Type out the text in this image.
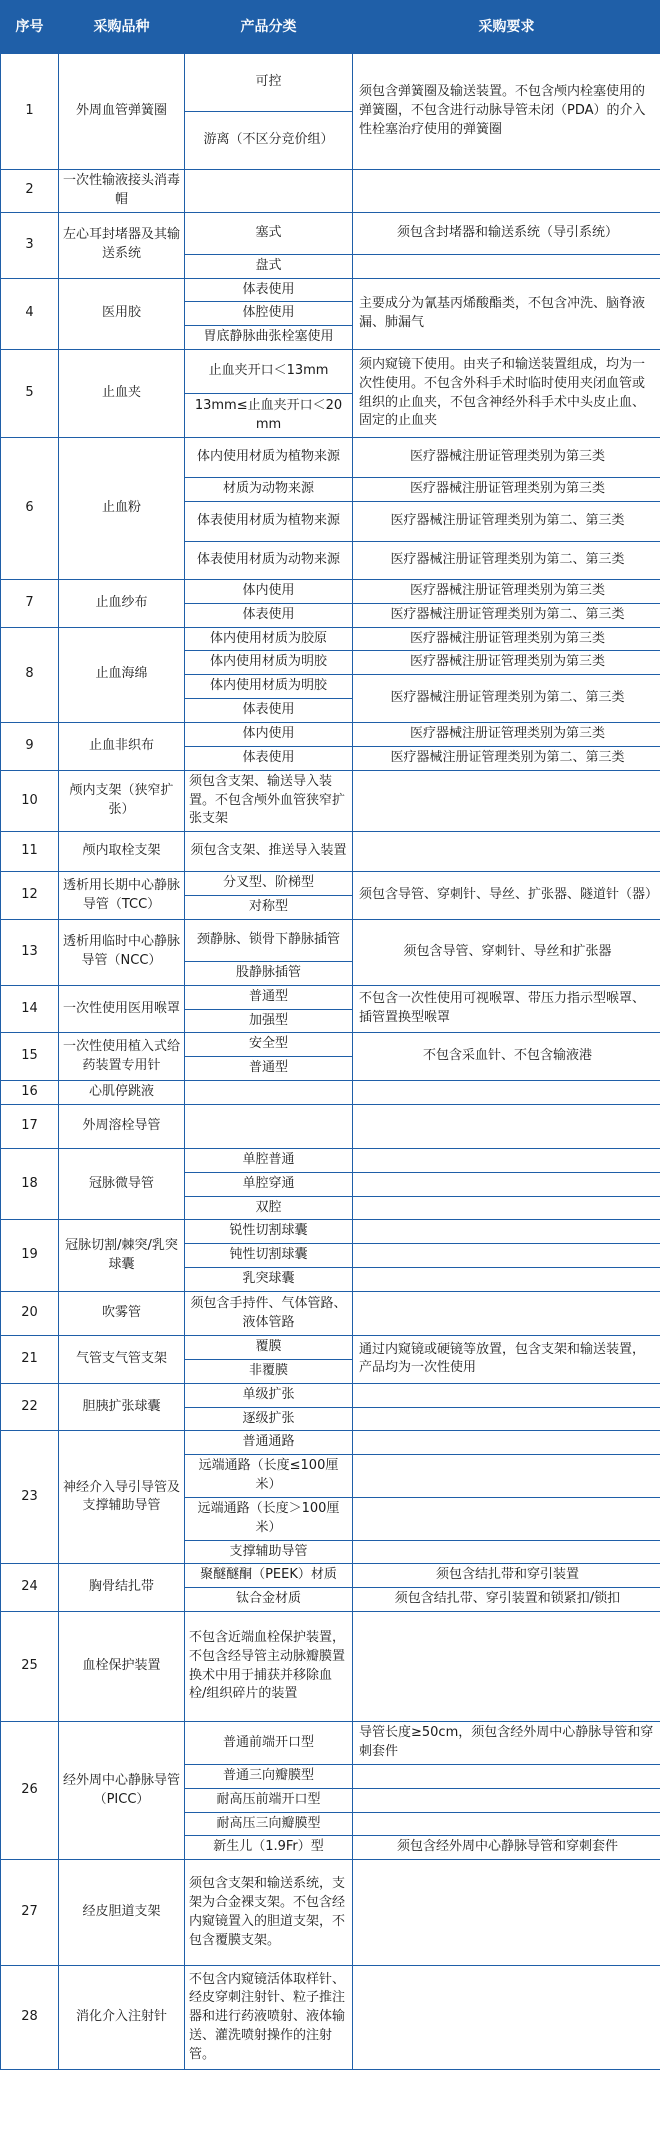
序号	采购品种	产品分类	采购要求
1	外周血管弹簧圈	可控	须包含弹簧圈及输送装置。不包含颅内栓塞使用的弹簧圈，不包含进行动脉导管未闭（PDA）的介入性栓塞治疗使用的弹簧圈
		游离（不区分竞价组）	
2	一次性输液接头消毒帽		
3	左心耳封堵器及其输送系统	塞式	须包含封堵器和输送系统（导引系统）
		盘式	
4	医用胶	体表使用	主要成分为氰基丙烯酸酯类，不包含冲洗、脑脊液漏、肺漏气
		体腔使用	
		胃底静脉曲张栓塞使用	
5	止血夹	止血夹开口＜13mm	须内窥镜下使用。由夹子和输送装置组成，均为一次性使用。不包含外科手术时临时使用夹闭血管或组织的止血夹，不包含神经外科手术中头皮止血、固定的止血夹
		13mm≤止血夹开口＜20mm	
6	止血粉	体内使用材质为植物来源	医疗器械注册证管理类别为第三类
		材质为动物来源	医疗器械注册证管理类别为第三类
		体表使用材质为植物来源	医疗器械注册证管理类别为第二、第三类
		体表使用材质为动物来源	医疗器械注册证管理类别为第二、第三类
7	止血纱布	体内使用	医疗器械注册证管理类别为第三类
		体表使用	医疗器械注册证管理类别为第二、第三类
8	止血海绵	体内使用材质为胶原	医疗器械注册证管理类别为第三类
		体内使用材质为明胶	医疗器械注册证管理类别为第三类
		体内使用材质为明胶	医疗器械注册证管理类别为第二、第三类
		体表使用	
9	止血非织布	体内使用	医疗器械注册证管理类别为第三类
		体表使用	医疗器械注册证管理类别为第二、第三类
10	颅内支架（狭窄扩张）	须包含支架、输送导入装置。不包含颅外血管狭窄扩张支架	
11	颅内取栓支架	须包含支架、推送导入装置	
12	透析用长期中心静脉导管（TCC）	分叉型、阶梯型	须包含导管、穿刺针、导丝、扩张器、隧道针（器）
		对称型	
13	透析用临时中心静脉导管（NCC）	颈静脉、锁骨下静脉插管	须包含导管、穿刺针、导丝和扩张器
		股静脉插管	
14	一次性使用医用喉罩	普通型	不包含一次性使用可视喉罩、带压力指示型喉罩、插管置换型喉罩
		加强型	
15	一次性使用植入式给药装置专用针	安全型	不包含采血针、不包含输液港
		普通型	
16	心肌停跳液		
17	外周溶栓导管		
18	冠脉微导管	单腔普通	
		单腔穿通	
		双腔	
19	冠脉切割/棘突/乳突球囊	锐性切割球囊	
		钝性切割球囊	
		乳突球囊	
20	吹雾管	须包含手持件、气体管路、液体管路	
21	气管支气管支架	覆膜	通过内窥镜或硬镜等放置，包含支架和输送装置，产品均为一次性使用
		非覆膜	
22	胆胰扩张球囊	单级扩张	
		逐级扩张	
23	神经介入导引导管及支撑辅助导管	普通通路	
		远端通路（长度≤100厘米）	
		远端通路（长度＞100厘米）	
		支撑辅助导管	
24	胸骨结扎带	聚醚醚酮（PEEK）材质	须包含结扎带和穿引装置
		钛合金材质	须包含结扎带、穿引装置和锁紧扣/锁扣
25	血栓保护装置	不包含近端血栓保护装置，不包含经导管主动脉瓣膜置换术中用于捕获并移除血栓/组织碎片的装置	
26	经外周中心静脉导管（PICC）	普通前端开口型	导管长度≥50cm，须包含经外周中心静脉导管和穿刺套件
		普通三向瓣膜型	
		耐高压前端开口型	
		耐高压三向瓣膜型	
		新生儿（1.9Fr）型	须包含经外周中心静脉导管和穿刺套件
27	经皮胆道支架	须包含支架和输送系统，支架为合金裸支架。不包含经内窥镜置入的胆道支架，不包含覆膜支架。	
28	消化介入注射针	不包含内窥镜活体取样针、经皮穿刺注射针、粒子推注器和进行药液喷射、液体输送、灌洗喷射操作的注射管。	
